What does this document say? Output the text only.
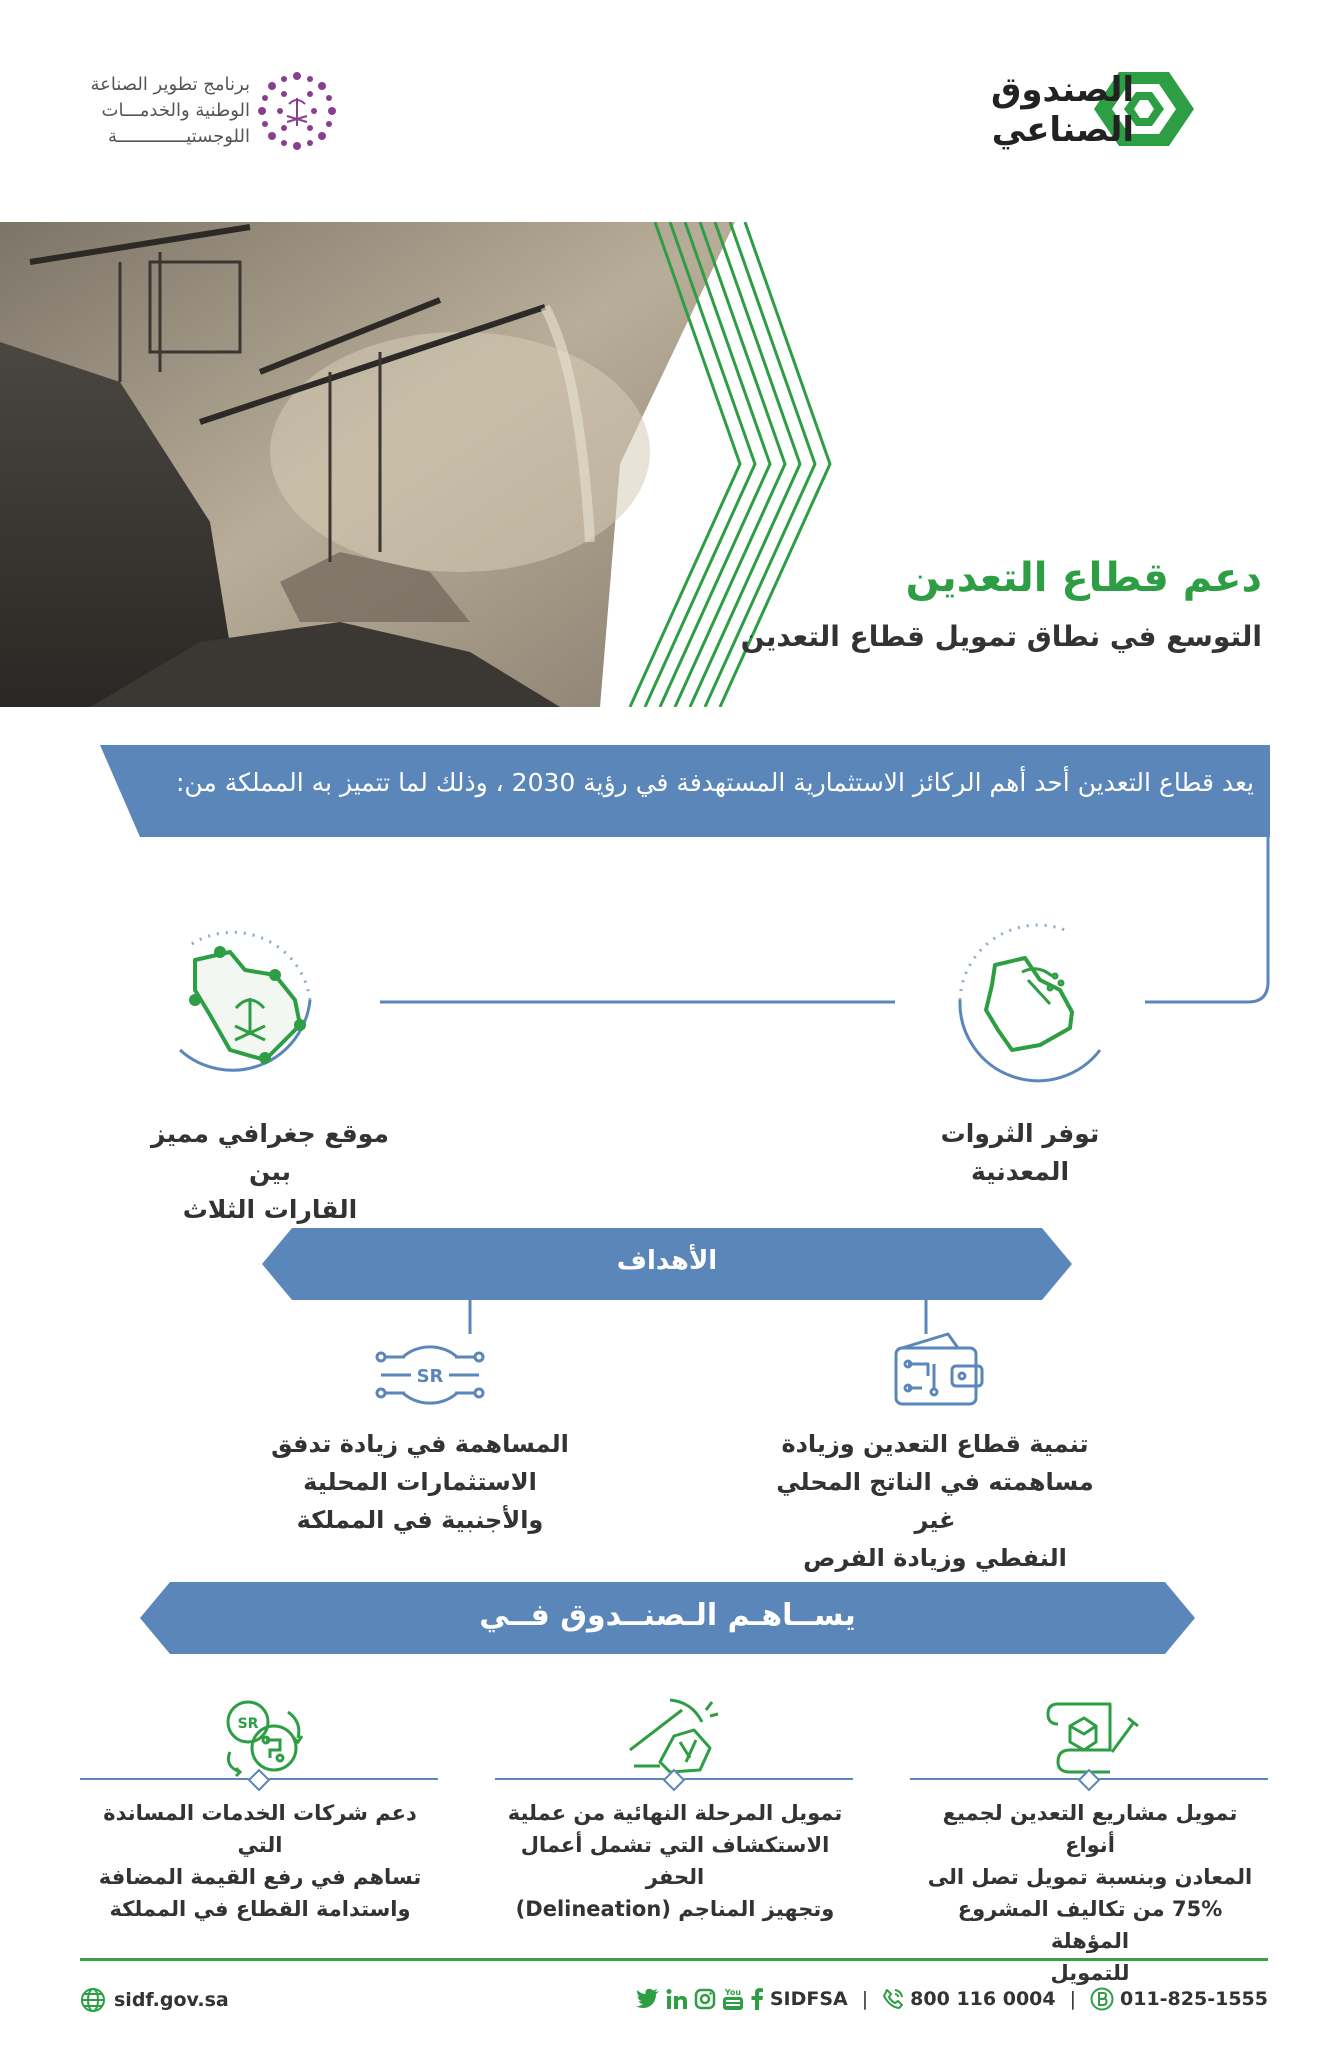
الصندوق
الصناعي
برنامج تطوير الصناعة
الوطنية والخدمـــات
اللوجستيـــــــــــــة
دعم قطاع التعدين
التوسع في نطاق تمويل قطاع التعدين
يعد قطاع التعدين أحد أهم الركائز الاستثمارية المستهدفة في رؤية 2030 ، وذلك لما تتميز به المملكة من:
توفر الثروات المعدنية
موقع جغرافي مميز بين
القارات الثلاث
الأهداف
تنمية قطاع التعدين وزيادة
مساهمته في الناتج المحلي غير
النفطي وزيادة الفرص
SR
المساهمة في زيادة تدفق
الاستثمارات المحلية
والأجنبية في المملكة
يســاهـم الـصنــدوق فــي
تمويل مشاريع التعدين لجميع أنواع
المعادن وبنسبة تمويل تصل الى
75% من تكاليف المشروع المؤهلة
للتمويل
تمويل المرحلة النهائية من عملية
الاستكشاف التي تشمل أعمال الحفر
وتجهيز المناجم (Delineation)
SR
دعم شركات الخدمات المساندة التي
تساهم في رفع القيمة المضافة
واستدامة القطاع في المملكة
sidf.gov.sa	You SIDFSA | 800 116 0004 | 011-825-1555
